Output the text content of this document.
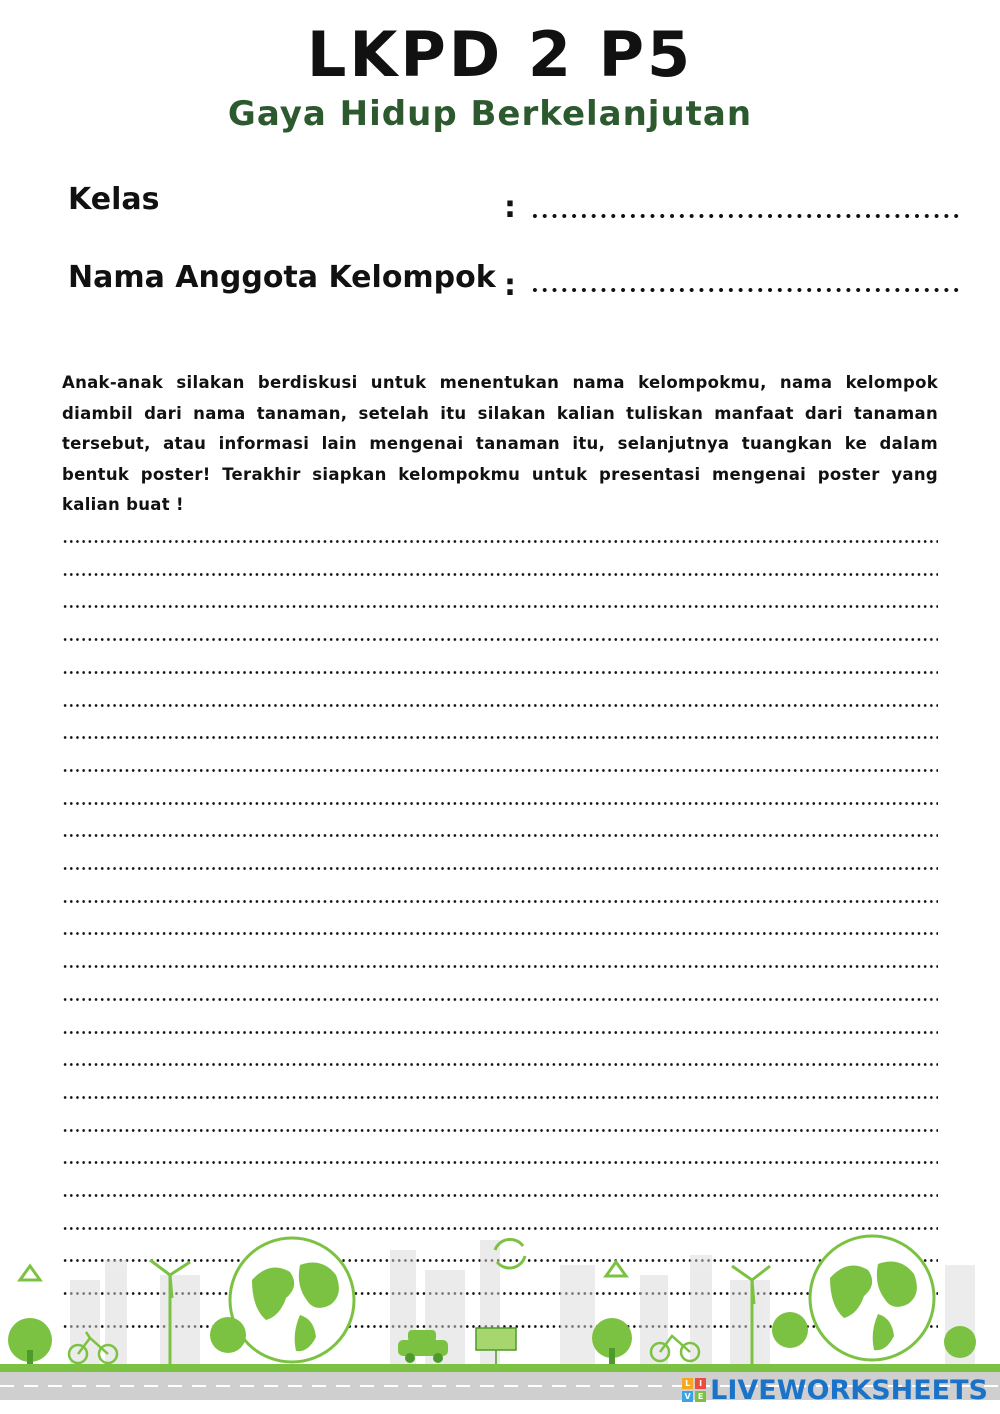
LKPD 2 P5
Gaya Hidup Berkelanjutan
Kelas	:
Nama Anggota Kelompok :

Anak-anak silakan berdiskusi untuk menentukan nama kelompokmu, nama kelompok diambil dari nama tanaman, setelah itu silakan kalian tuliskan manfaat dari tanaman tersebut, atau informasi lain mengenai tanaman itu, selanjutnya tuangkan ke dalam bentuk poster! Terakhir siapkan kelompokmu untuk presentasi mengenai poster yang kalian buat !

L	I
V E LIVEWORKSHEETS
